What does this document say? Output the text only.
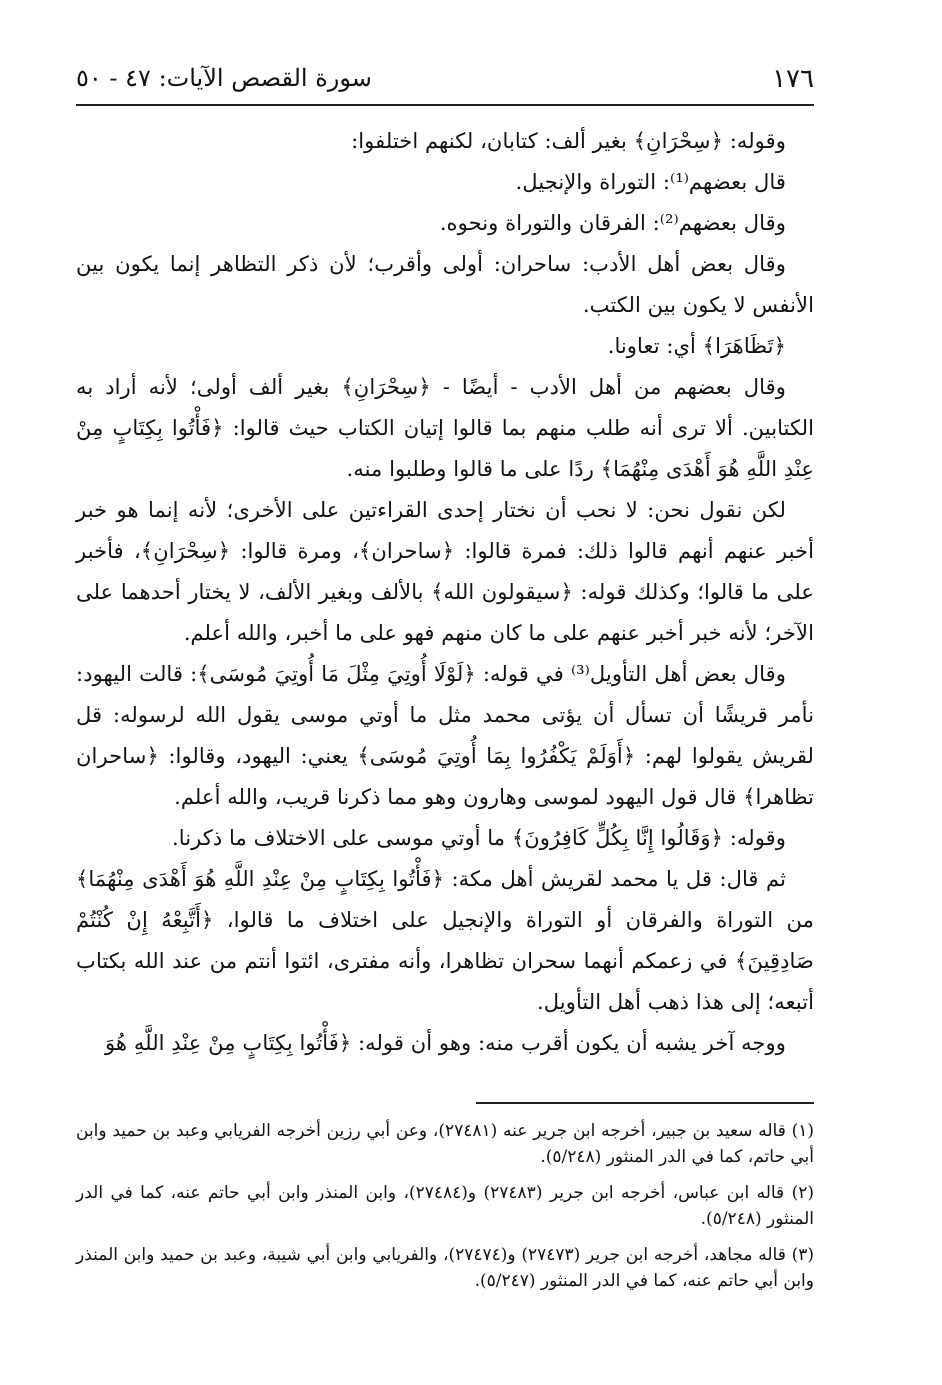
١٧٦
سورة القصص الآيات: ٤٧ - ٥٠

وقوله: ﴿سِحْرَانِ﴾ بغير ألف: كتابان، لكنهم اختلفوا:

قال بعضهم⁽¹⁾: التوراة والإنجيل.

وقال بعضهم⁽²⁾: الفرقان والتوراة ونحوه.

وقال بعض أهل الأدب: ساحران: أولى وأقرب؛ لأن ذكر التظاهر إنما يكون بين الأنفس لا يكون بين الكتب.

﴿تَظَاهَرَا﴾ أي: تعاونا.

وقال بعضهم من أهل الأدب - أيضًا - ﴿سِحْرَانِ﴾ بغير ألف أولى؛ لأنه أراد به الكتابين. ألا ترى أنه طلب منهم بما قالوا إتيان الكتاب حيث قالوا: ﴿فَأْتُوا بِكِتَابٍ مِنْ عِنْدِ اللَّهِ هُوَ أَهْدَى مِنْهُمَا﴾ ردًا على ما قالوا وطلبوا منه.

لكن نقول نحن: لا نحب أن نختار إحدى القراءتين على الأخرى؛ لأنه إنما هو خبر أخبر عنهم أنهم قالوا ذلك: فمرة قالوا: ﴿ساحران﴾، ومرة قالوا: ﴿سِحْرَانِ﴾، فأخبر على ما قالوا؛ وكذلك قوله: ﴿سيقولون الله﴾ بالألف وبغير الألف، لا يختار أحدهما على الآخر؛ لأنه خبر أخبر عنهم على ما كان منهم فهو على ما أخبر، والله أعلم.

وقال بعض أهل التأويل⁽³⁾ في قوله: ﴿لَوْلَا أُوتِيَ مِثْلَ مَا أُوتِيَ مُوسَى﴾: قالت اليهود: نأمر قريشًا أن تسأل أن يؤتى محمد مثل ما أوتي موسى يقول الله لرسوله: قل لقريش يقولوا لهم: ﴿أَوَلَمْ يَكْفُرُوا بِمَا أُوتِيَ مُوسَى﴾ يعني: اليهود، وقالوا: ﴿ساحران تظاهرا﴾ قال قول اليهود لموسى وهارون وهو مما ذكرنا قريب، والله أعلم.

وقوله: ﴿وَقَالُوا إِنَّا بِكُلٍّ كَافِرُونَ﴾ ما أوتي موسى على الاختلاف ما ذكرنا.

ثم قال: قل يا محمد لقريش أهل مكة: ﴿فَأْتُوا بِكِتَابٍ مِنْ عِنْدِ اللَّهِ هُوَ أَهْدَى مِنْهُمَا﴾ من التوراة والفرقان أو التوراة والإنجيل على اختلاف ما قالوا، ﴿أَتَّبِعْهُ إِنْ كُنْتُمْ صَادِقِينَ﴾ في زعمكم أنهما سحران تظاهرا، وأنه مفترى، ائتوا أنتم من عند الله بكتاب أتبعه؛ إلى هذا ذهب أهل التأويل.

ووجه آخر يشبه أن يكون أقرب منه: وهو أن قوله: ﴿فَأْتُوا بِكِتَابٍ مِنْ عِنْدِ اللَّهِ هُوَ

(١) قاله سعيد بن جبير، أخرجه ابن جرير عنه (٢٧٤٨١)، وعن أبي رزين أخرجه الفريابي وعبد بن حميد وابن أبي حاتم، كما في الدر المنثور (٥/٢٤٨).
(٢) قاله ابن عباس، أخرجه ابن جرير (٢٧٤٨٣) و(٢٧٤٨٤)، وابن المنذر وابن أبي حاتم عنه، كما في الدر المنثور (٥/٢٤٨).
(٣) قاله مجاهد، أخرجه ابن جرير (٢٧٤٧٣) و(٢٧٤٧٤)، والفريابي وابن أبي شيبة، وعبد بن حميد وابن المنذر وابن أبي حاتم عنه، كما في الدر المنثور (٥/٢٤٧).
